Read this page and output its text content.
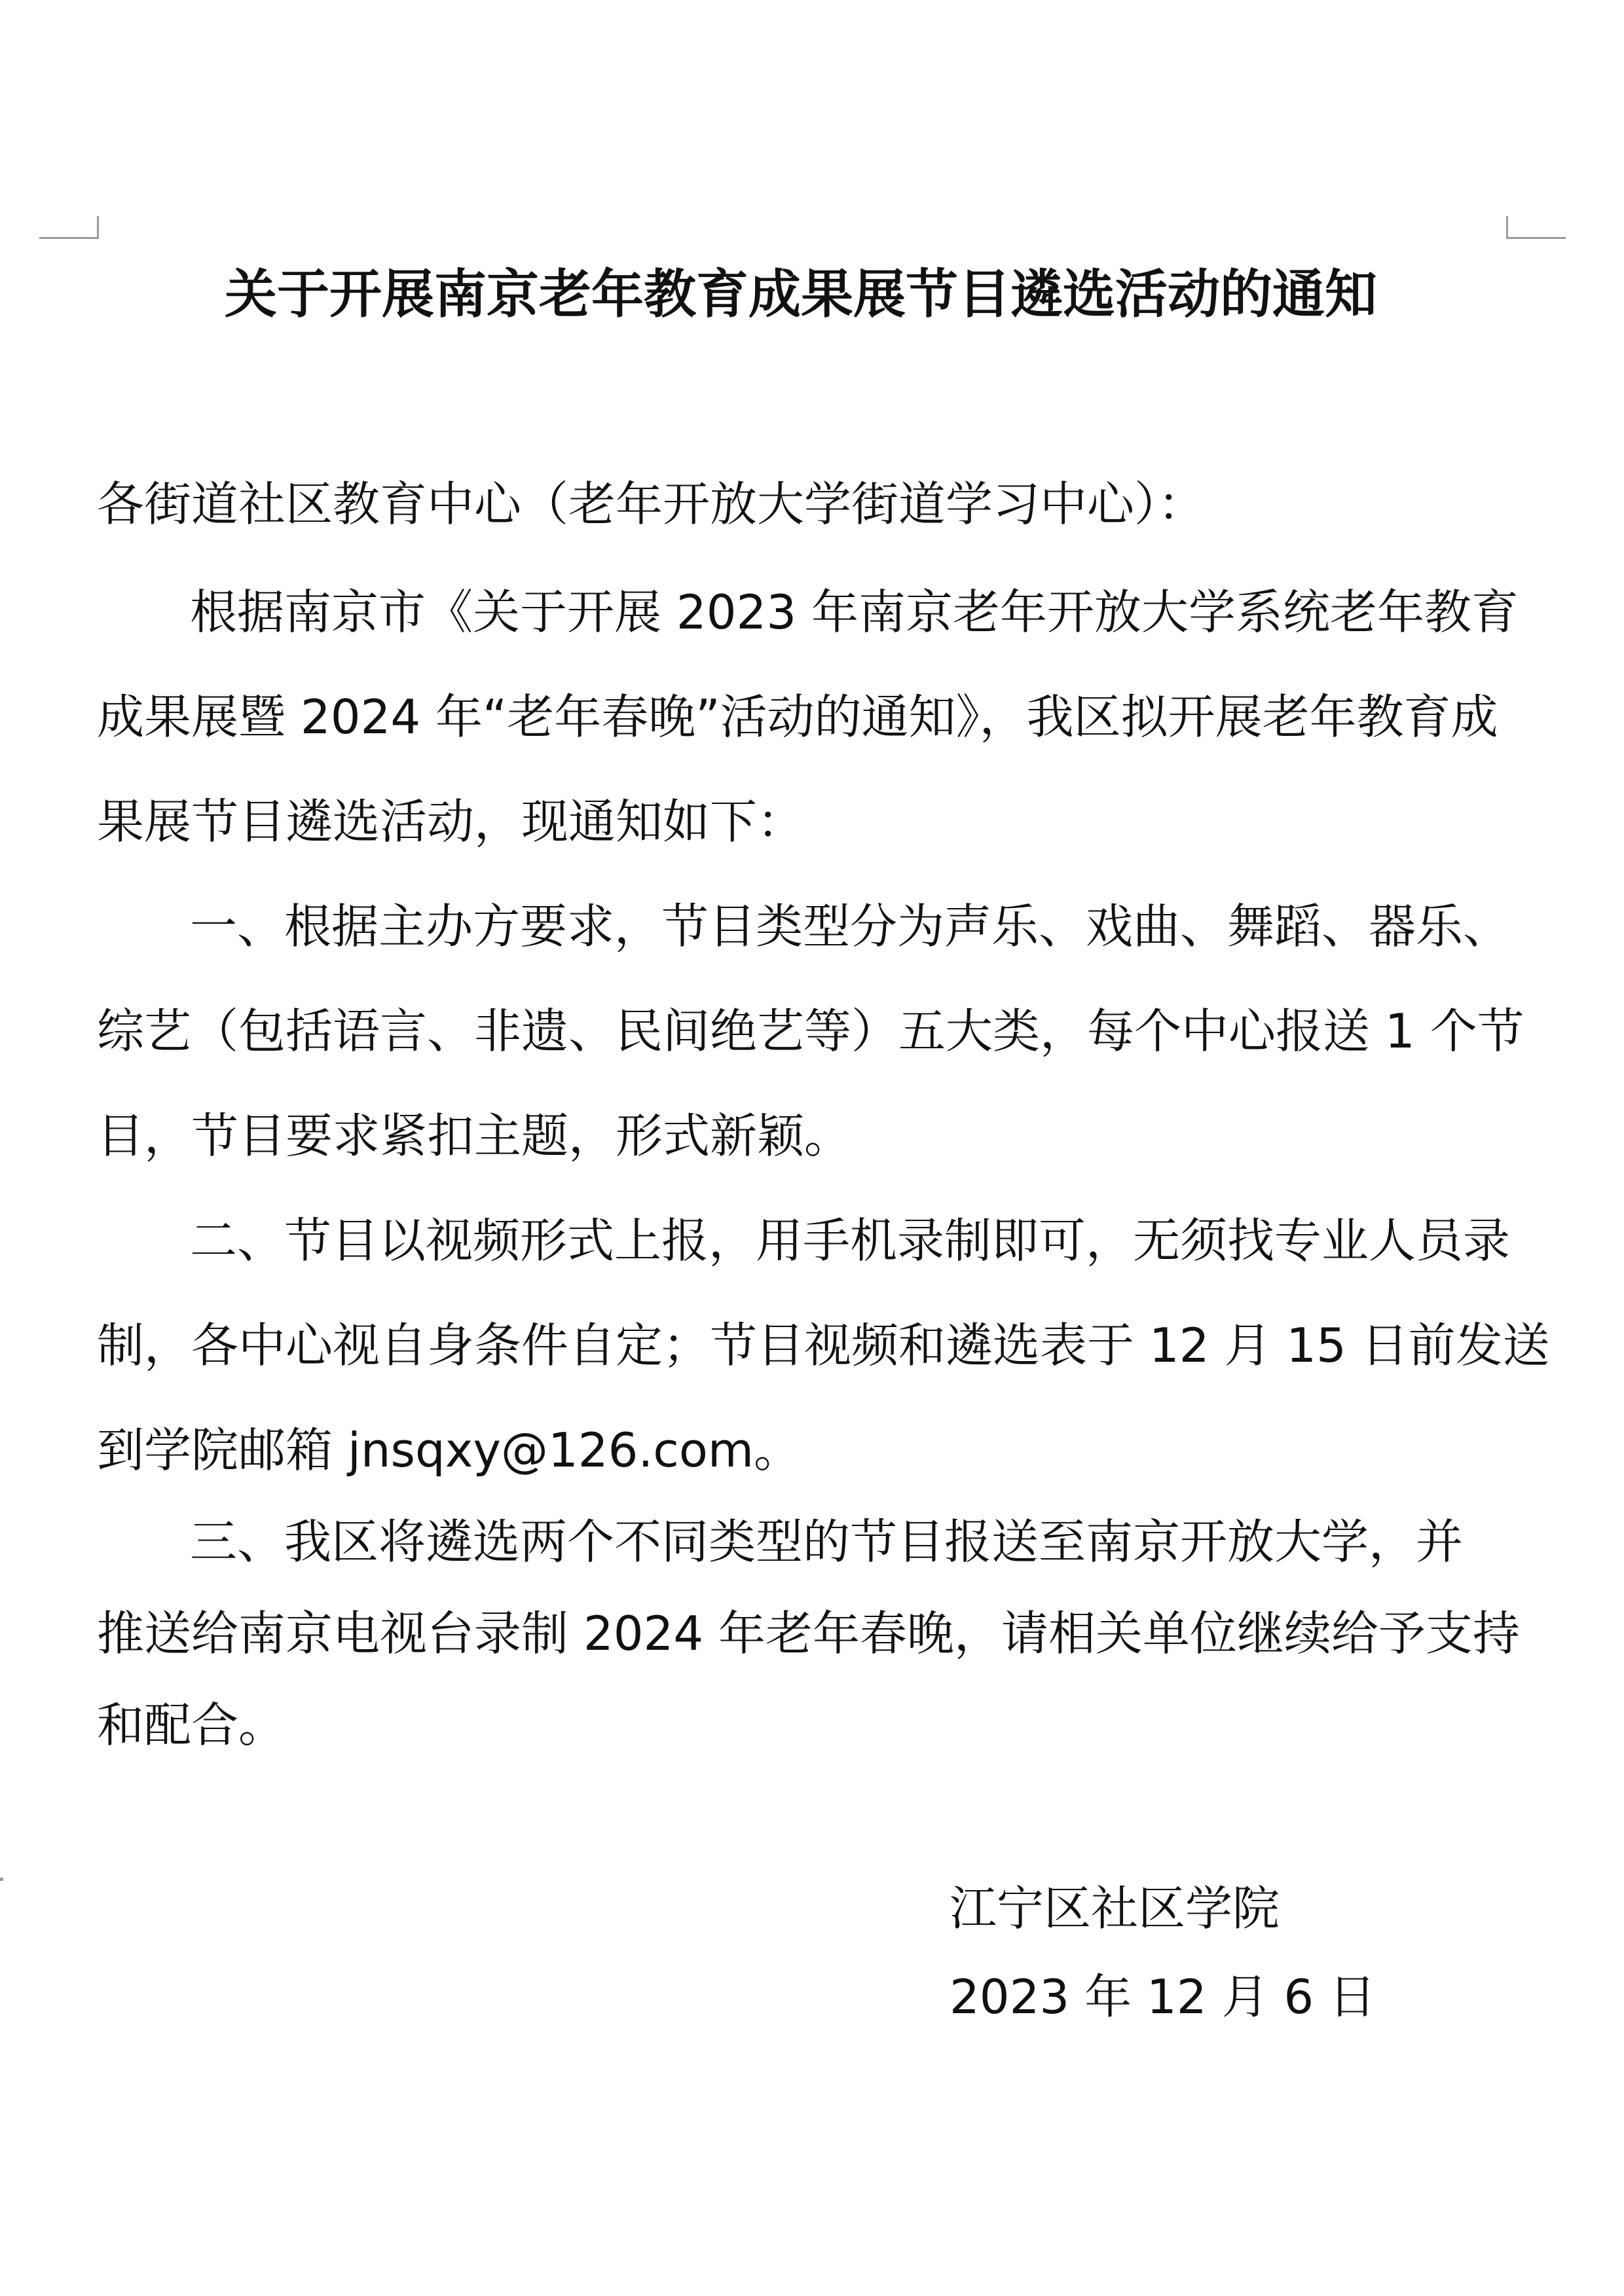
关于开展南京老年教育成果展节目遴选活动的通知
各街道社区教育中心（老年开放大学街道学习中心）：
根据南京市《关于开展 2023 年南京老年开放大学系统老年教育
成果展暨 2024 年“老年春晚”活动的通知》，我区拟开展老年教育成
果展节目遴选活动，现通知如下：
一、根据主办方要求，节目类型分为声乐、戏曲、舞蹈、器乐、
综艺（包括语言、非遗、民间绝艺等）五大类，每个中心报送 1 个节
目，节目要求紧扣主题，形式新颖。
二、节目以视频形式上报，用手机录制即可，无须找专业人员录
制，各中心视自身条件自定；节目视频和遴选表于 12 月 15 日前发送
到学院邮箱 jnsqxy@126.com。
三、我区将遴选两个不同类型的节目报送至南京开放大学，并
推送给南京电视台录制 2024 年老年春晚，请相关单位继续给予支持
和配合。
江宁区社区学院
2023 年 12 月 6 日
